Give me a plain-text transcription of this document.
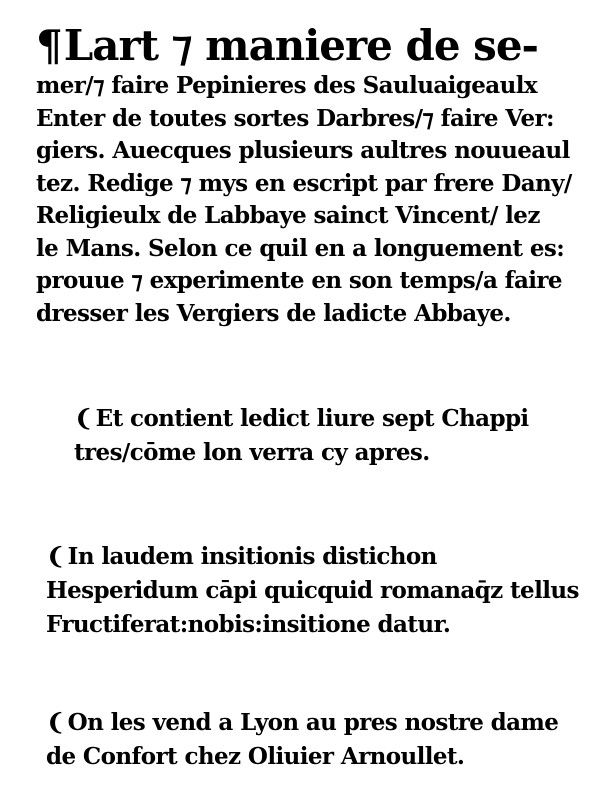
¶Lart ⁊ maniere de se-
mer/⁊ faire Pepinieres des Sauluaigeaulx
Enter de toutes sortes Darbres/⁊ faire Ver:
giers. Auecques plusieurs aultres nouueaul
tez. Redige ⁊ mys en escript par frere Dany/
Religieulx de Labbaye sainct Vincent/ lez
le Mans. Selon ce quil en a longuement es:
prouue ⁊ experimente en son temps/a faire
dresser les Vergiers de ladicte Abbaye.
❨ Et contient ledict liure sept Chappi
tres/cōme lon verra cy apres.
❨ In laudem insitionis distichon
Hesperidum cāpi quicquid romanaq̄z tellus
Fructiferat:nobis:insitione datur.
❨ On les vend a Lyon au pres nostre dame
de Confort chez Oliuier Arnoullet.
